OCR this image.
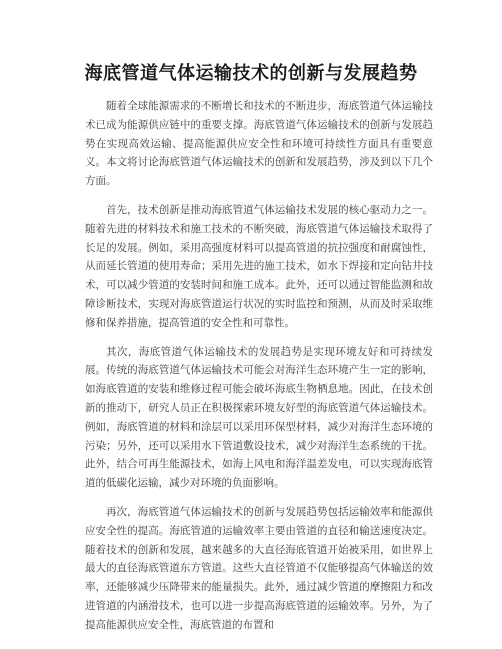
海底管道气体运输技术的创新与发展趋势

随着全球能源需求的不断增长和技术的不断进步，海底管道气体运输技术已成为能源供应链中的重要支撑。海底管道气体运输技术的创新与发展趋势在实现高效运输、提高能源供应安全性和环境可持续性方面具有重要意义。本文将讨论海底管道气体运输技术的创新和发展趋势，涉及到以下几个方面。

首先，技术创新是推动海底管道气体运输技术发展的核心驱动力之一。随着先进的材料技术和施工技术的不断突破，海底管道气体运输技术取得了长足的发展。例如，采用高强度材料可以提高管道的抗拉强度和耐腐蚀性，从而延长管道的使用寿命；采用先进的施工技术，如水下焊接和定向钻井技术，可以减少管道的安装时间和施工成本。此外，还可以通过智能监测和故障诊断技术，实现对海底管道运行状况的实时监控和预测，从而及时采取维修和保养措施，提高管道的安全性和可靠性。

其次，海底管道气体运输技术的发展趋势是实现环境友好和可持续发展。传统的海底管道气体运输技术可能会对海洋生态环境产生一定的影响，如海底管道的安装和维修过程可能会破坏海底生物栖息地。因此，在技术创新的推动下，研究人员正在积极探索环境友好型的海底管道气体运输技术。例如，海底管道的材料和涂层可以采用环保型材料，减少对海洋生态环境的污染；另外，还可以采用水下管道敷设技术，减少对海洋生态系统的干扰。此外，结合可再生能源技术，如海上风电和海洋温差发电，可以实现海底管道的低碳化运输，减少对环境的负面影响。

再次，海底管道气体运输技术的创新与发展趋势包括运输效率和能源供应安全性的提高。海底管道的运输效率主要由管道的直径和输送速度决定。随着技术的创新和发展，越来越多的大直径海底管道开始被采用，如世界上最大的直径海底管道东方管道。这些大直径管道不仅能够提高气体输送的效率，还能够减少压降带来的能量损失。此外，通过减少管道的摩擦阻力和改进管道的内涵滑技术，也可以进一步提高海底管道的运输效率。另外，为了提高能源供应安全性，海底管道的布置和
